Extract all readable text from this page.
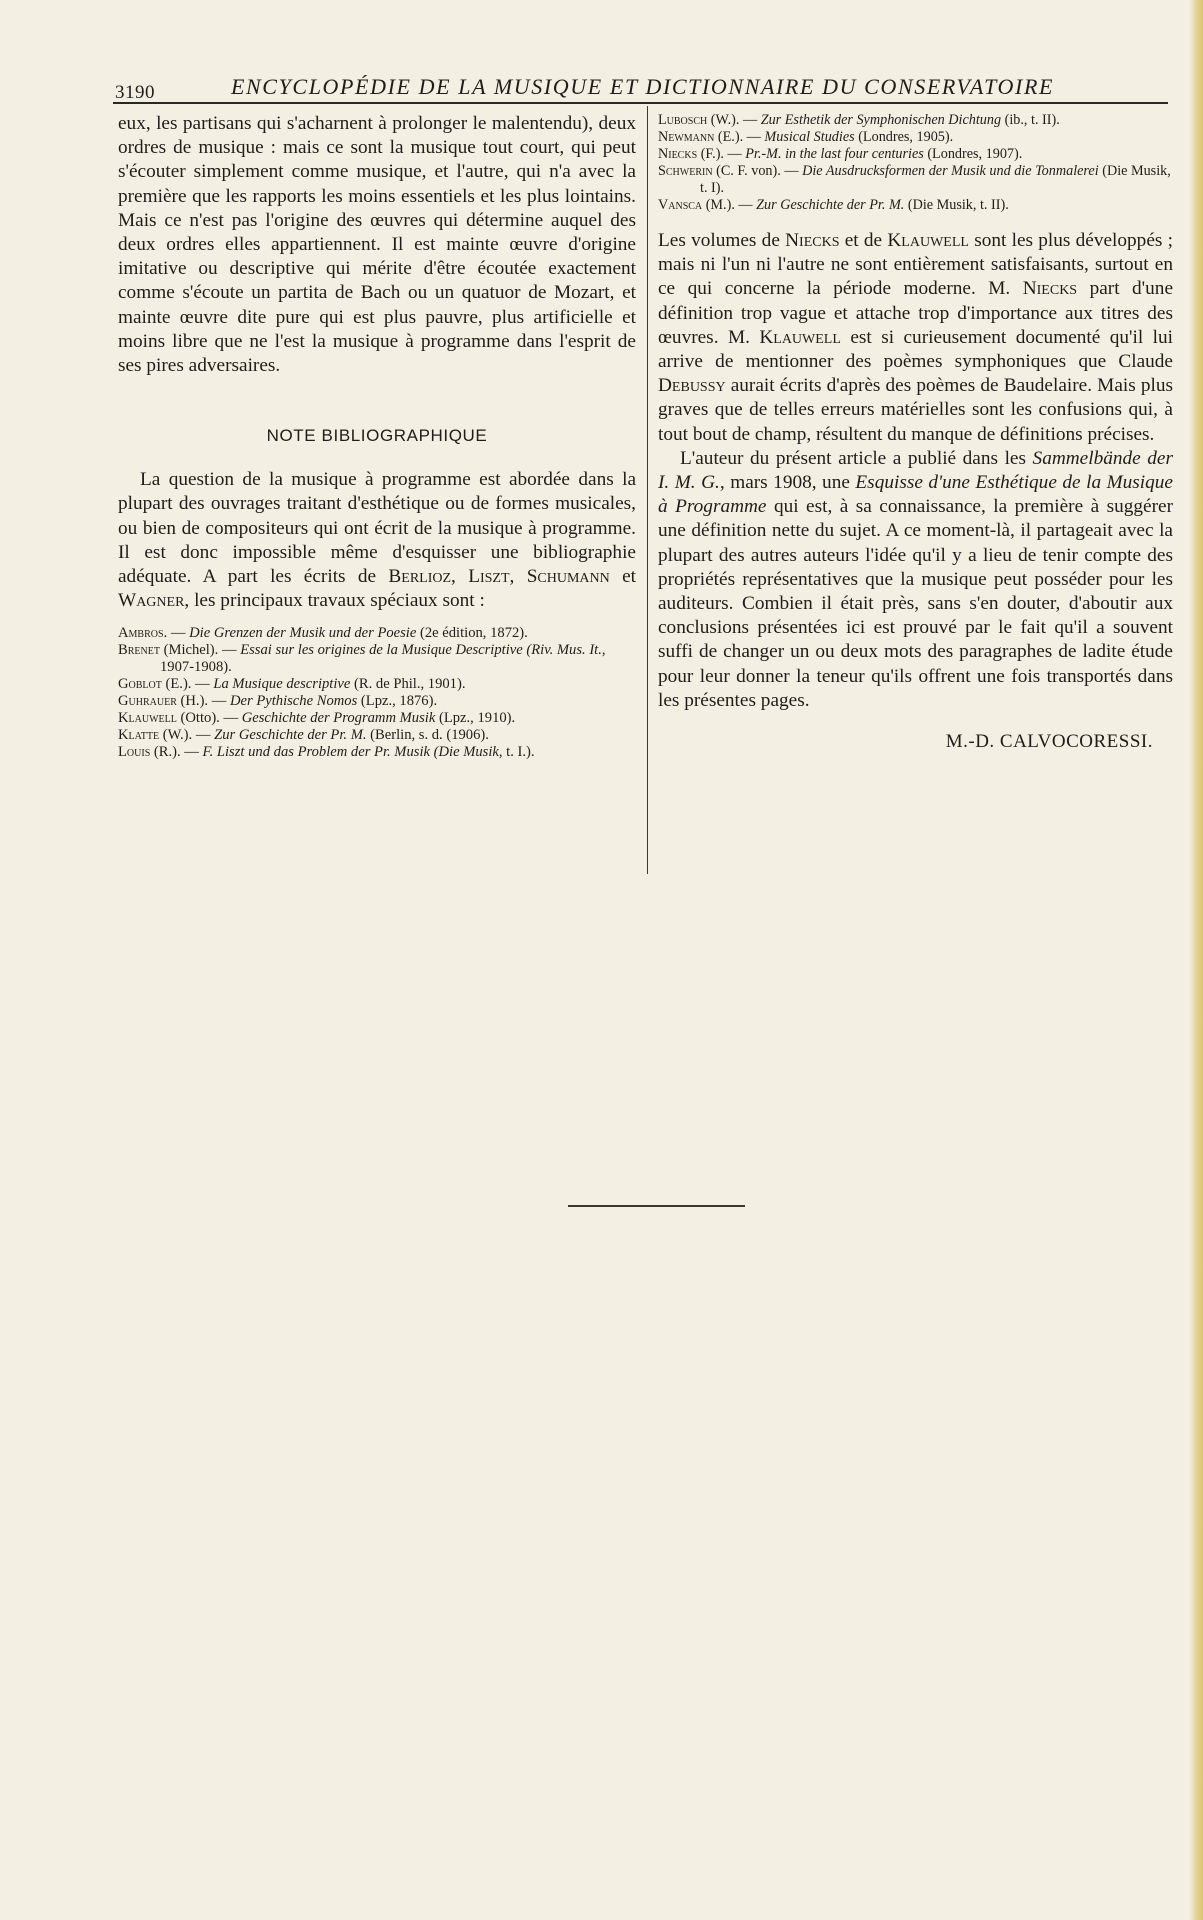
3190	ENCYCLOPÉDIE DE LA MUSIQUE ET DICTIONNAIRE DU CONSERVATOIRE

eux, les partisans qui s'acharnent à prolonger le malentendu), deux ordres de musique : mais ce sont la musique tout court, qui peut s'écouter simplement comme musique, et l'autre, qui n'a avec la première que les rapports les moins essentiels et les plus lointains. Mais ce n'est pas l'origine des œuvres qui détermine auquel des deux ordres elles appartiennent. Il est mainte œuvre d'origine imitative ou descriptive qui mérite d'être écoutée exactement comme s'écoute un partita de Bach ou un quatuor de Mozart, et mainte œuvre dite pure qui est plus pauvre, plus artificielle et moins libre que ne l'est la musique à programme dans l'esprit de ses pires adversaires.

NOTE BIBLIOGRAPHIQUE

La question de la musique à programme est abordée dans la plupart des ouvrages traitant d'esthétique ou de formes musicales, ou bien de compositeurs qui ont écrit de la musique à programme. Il est donc impossible même d'esquisser une bibliographie adéquate. A part les écrits de Berlioz, Liszt, Schumann et Wagner, les principaux travaux spéciaux sont :

Ambros. — Die Grenzen der Musik und der Poesie (2e édition, 1872).

Brenet (Michel). — Essai sur les origines de la Musique Descriptive (Riv. Mus. It., 1907-1908).

Goblot (E.). — La Musique descriptive (R. de Phil., 1901).

Guhrauer (H.). — Der Pythische Nomos (Lpz., 1876).

Klauwell (Otto). — Geschichte der Programm Musik (Lpz., 1910).

Klatte (W.). — Zur Geschichte der Pr. M. (Berlin, s. d. (1906).

Louis (R.). — F. Liszt und das Problem der Pr. Musik (Die Musik, t. I.).

Lubosch (W.). — Zur Esthetik der Symphonischen Dichtung (ib., t. II).

Newmann (E.). — Musical Studies (Londres, 1905).

Niecks (F.). — Pr.-M. in the last four centuries (Londres, 1907).

Schwerin (C. F. von). — Die Ausdrucksformen der Musik und die Tonmalerei (Die Musik, t. I).

Vansca (M.). — Zur Geschichte der Pr. M. (Die Musik, t. II).

Les volumes de Niecks et de Klauwell sont les plus développés ; mais ni l'un ni l'autre ne sont entièrement satisfaisants, surtout en ce qui concerne la période moderne. M. Niecks part d'une définition trop vague et attache trop d'importance aux titres des œuvres. M. Klauwell est si curieusement documenté qu'il lui arrive de mentionner des poèmes symphoniques que Claude Debussy aurait écrits d'après des poèmes de Baudelaire. Mais plus graves que de telles erreurs matérielles sont les confusions qui, à tout bout de champ, résultent du manque de définitions précises.

L'auteur du présent article a publié dans les Sammelbände der I. M. G., mars 1908, une Esquisse d'une Esthétique de la Musique à Programme qui est, à sa connaissance, la première à suggérer une définition nette du sujet. A ce moment-là, il partageait avec la plupart des autres auteurs l'idée qu'il y a lieu de tenir compte des propriétés représentatives que la musique peut posséder pour les auditeurs. Combien il était près, sans s'en douter, d'aboutir aux conclusions présentées ici est prouvé par le fait qu'il a souvent suffi de changer un ou deux mots des paragraphes de ladite étude pour leur donner la teneur qu'ils offrent une fois transportés dans les présentes pages.

M.-D. CALVOCORESSI.
